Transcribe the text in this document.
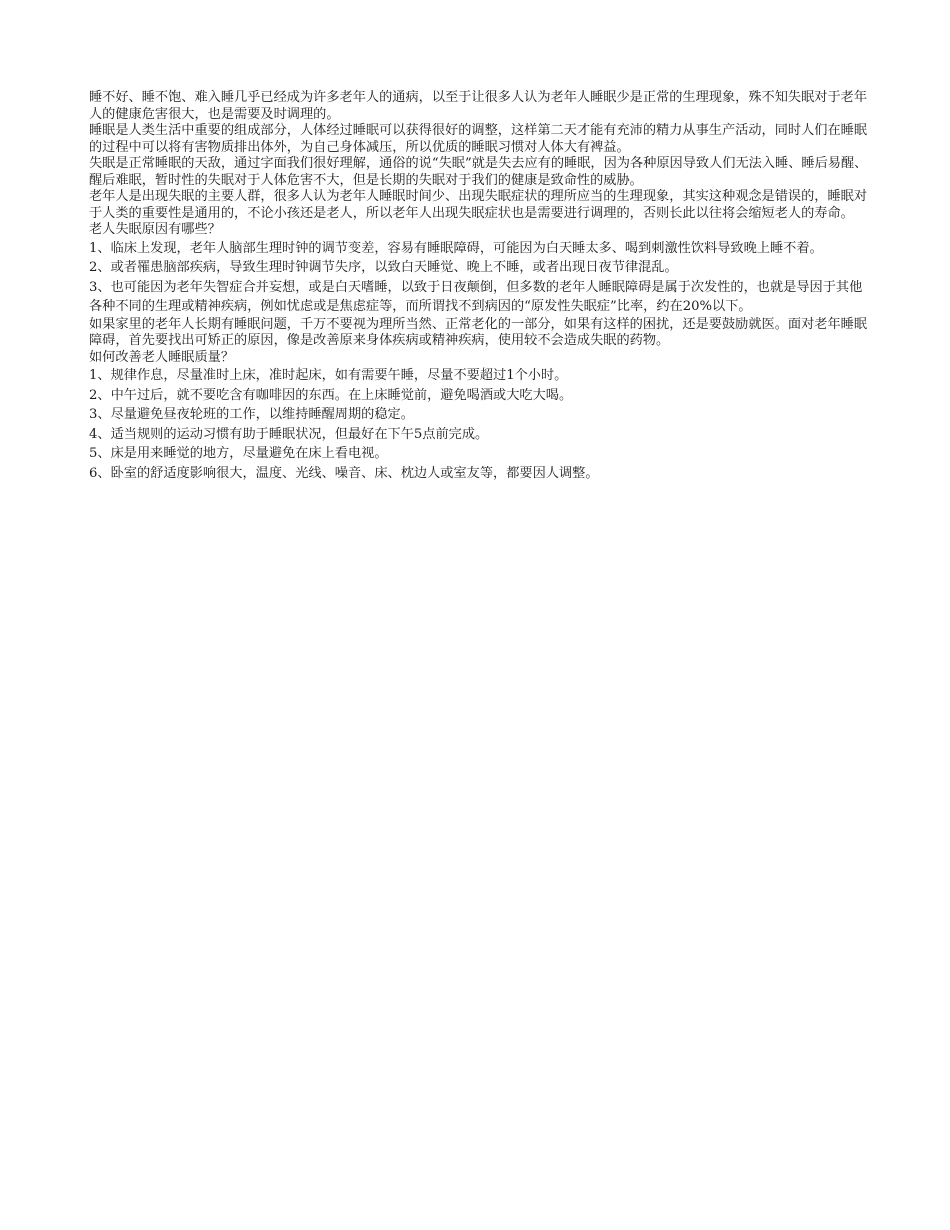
睡不好、睡不饱、难入睡几乎已经成为许多老年人的通病，以至于让很多人认为老年人睡眠少是正常的生理现象，殊不知失眠对于老年人的健康危害很大，也是需要及时调理的。

睡眠是人类生活中重要的组成部分，人体经过睡眠可以获得很好的调整，这样第二天才能有充沛的精力从事生产活动，同时人们在睡眠的过程中可以将有害物质排出体外，为自己身体减压，所以优质的睡眠习惯对人体大有裨益。

失眠是正常睡眠的天敌，通过字面我们很好理解，通俗的说“失眠”就是失去应有的睡眠，因为各种原因导致人们无法入睡、睡后易醒、醒后难眠，暂时性的失眠对于人体危害不大，但是长期的失眠对于我们的健康是致命性的威胁。

老年人是出现失眠的主要人群，很多人认为老年人睡眠时间少、出现失眠症状的理所应当的生理现象，其实这种观念是错误的，睡眠对于人类的重要性是通用的，不论小孩还是老人，所以老年人出现失眠症状也是需要进行调理的，否则长此以往将会缩短老人的寿命。

老人失眠原因有哪些？

1、临床上发现，老年人脑部生理时钟的调节变差，容易有睡眠障碍，可能因为白天睡太多、喝到刺激性饮料导致晚上睡不着。

2、或者罹患脑部疾病，导致生理时钟调节失序，以致白天睡觉、晚上不睡，或者出现日夜节律混乱。

3、也可能因为老年失智症合并妄想，或是白天嗜睡，以致于日夜颠倒，但多数的老年人睡眠障碍是属于次发性的，也就是导因于其他各种不同的生理或精神疾病，例如忧虑或是焦虑症等，而所谓找不到病因的“原发性失眠症”比率，约在20%以下。

如果家里的老年人长期有睡眠问题，千万不要视为理所当然、正常老化的一部分，如果有这样的困扰，还是要鼓励就医。面对老年睡眠障碍，首先要找出可矫正的原因，像是改善原来身体疾病或精神疾病，使用较不会造成失眠的药物。

如何改善老人睡眠质量？

1、规律作息，尽量准时上床，准时起床，如有需要午睡，尽量不要超过1个小时。

2、中午过后，就不要吃含有咖啡因的东西。在上床睡觉前，避免喝酒或大吃大喝。

3、尽量避免昼夜轮班的工作，以维持睡醒周期的稳定。

4、适当规则的运动习惯有助于睡眠状况，但最好在下午5点前完成。

5、床是用来睡觉的地方，尽量避免在床上看电视。

6、卧室的舒适度影响很大，温度、光线、噪音、床、枕边人或室友等，都要因人调整。
